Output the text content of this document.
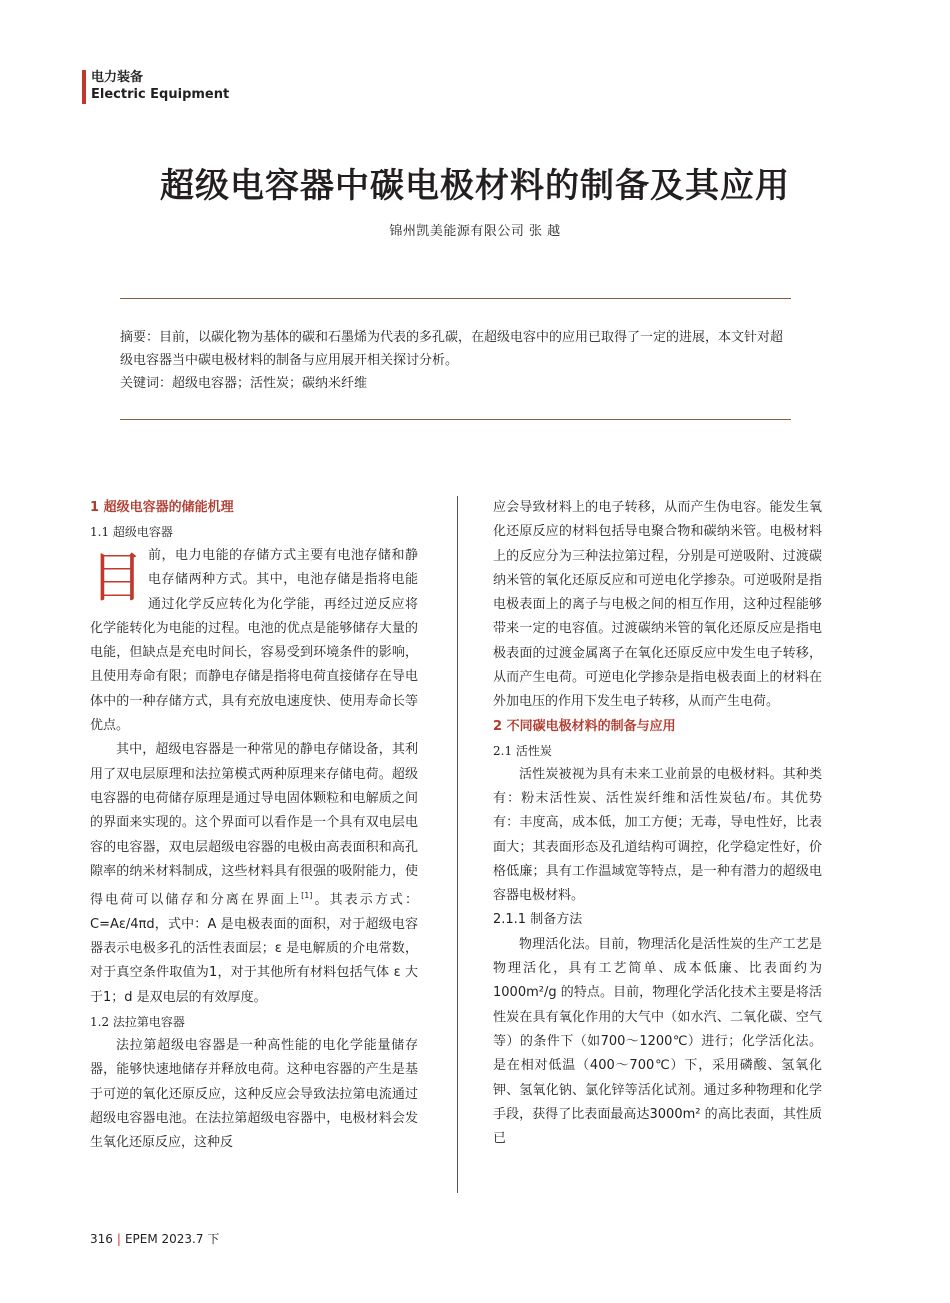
电力装备
Electric Equipment
超级电容器中碳电极材料的制备及其应用
锦州凯美能源有限公司 张 越

摘要：目前，以碳化物为基体的碳和石墨烯为代表的多孔碳，在超级电容中的应用已取得了一定的进展，本文针对超级电容器当中碳电极材料的制备与应用展开相关探讨分析。

关键词：超级电容器；活性炭；碳纳米纤维

1 超级电容器的储能机理

1.1 超级电容器

目前，电力电能的存储方式主要有电池存储和静电存储两种方式。其中，电池存储是指将电能通过化学反应转化为化学能，再经过逆反应将化学能转化为电能的过程。电池的优点是能够储存大量的电能，但缺点是充电时间长，容易受到环境条件的影响，且使用寿命有限；而静电存储是指将电荷直接储存在导电体中的一种存储方式，具有充放电速度快、使用寿命长等优点。

其中，超级电容器是一种常见的静电存储设备，其利用了双电层原理和法拉第模式两种原理来存储电荷。超级电容器的电荷储存原理是通过导电固体颗粒和电解质之间的界面来实现的。这个界面可以看作是一个具有双电层电容的电容器，双电层超级电容器的电极由高表面积和高孔隙率的纳米材料制成，这些材料具有很强的吸附能力，使得电荷可以储存和分离在界面上[1]。其表示方式：C=Aε/4πd，式中：A 是电极表面的面积，对于超级电容器表示电极多孔的活性表面层；ε 是电解质的介电常数，对于真空条件取值为1，对于其他所有材料包括气体 ε 大于1；d 是双电层的有效厚度。

1.2 法拉第电容器

法拉第超级电容器是一种高性能的电化学能量储存器，能够快速地储存并释放电荷。这种电容器的产生是基于可逆的氧化还原反应，这种反应会导致法拉第电流通过超级电容器电池。在法拉第超级电容器中，电极材料会发生氧化还原反应，这种反

应会导致材料上的电子转移，从而产生伪电容。能发生氧化还原反应的材料包括导电聚合物和碳纳米管。电极材料上的反应分为三种法拉第过程，分别是可逆吸附、过渡碳纳米管的氧化还原反应和可逆电化学掺杂。可逆吸附是指电极表面上的离子与电极之间的相互作用，这种过程能够带来一定的电容值。过渡碳纳米管的氧化还原反应是指电极表面的过渡金属离子在氧化还原反应中发生电子转移，从而产生电荷。可逆电化学掺杂是指电极表面上的材料在外加电压的作用下发生电子转移，从而产生电荷。

2 不同碳电极材料的制备与应用

2.1 活性炭

活性炭被视为具有未来工业前景的电极材料。其种类有：粉末活性炭、活性炭纤维和活性炭毡/布。其优势有：丰度高，成本低，加工方便；无毒，导电性好，比表面大；其表面形态及孔道结构可调控，化学稳定性好，价格低廉；具有工作温域宽等特点，是一种有潜力的超级电容器电极材料。

2.1.1 制备方法

物理活化法。目前，物理活化是活性炭的生产工艺是物理活化，具有工艺简单、成本低廉、比表面约为1000m²/g 的特点。目前，物理化学活化技术主要是将活性炭在具有氧化作用的大气中（如水汽、二氧化碳、空气等）的条件下（如700～1200℃）进行；化学活化法。是在相对低温（400～700℃）下，采用磷酸、氢氧化钾、氢氧化钠、氯化锌等活化试剂。通过多种物理和化学手段，获得了比表面最高达3000m² 的高比表面，其性质已

316 | EPEM 2023.7 下
